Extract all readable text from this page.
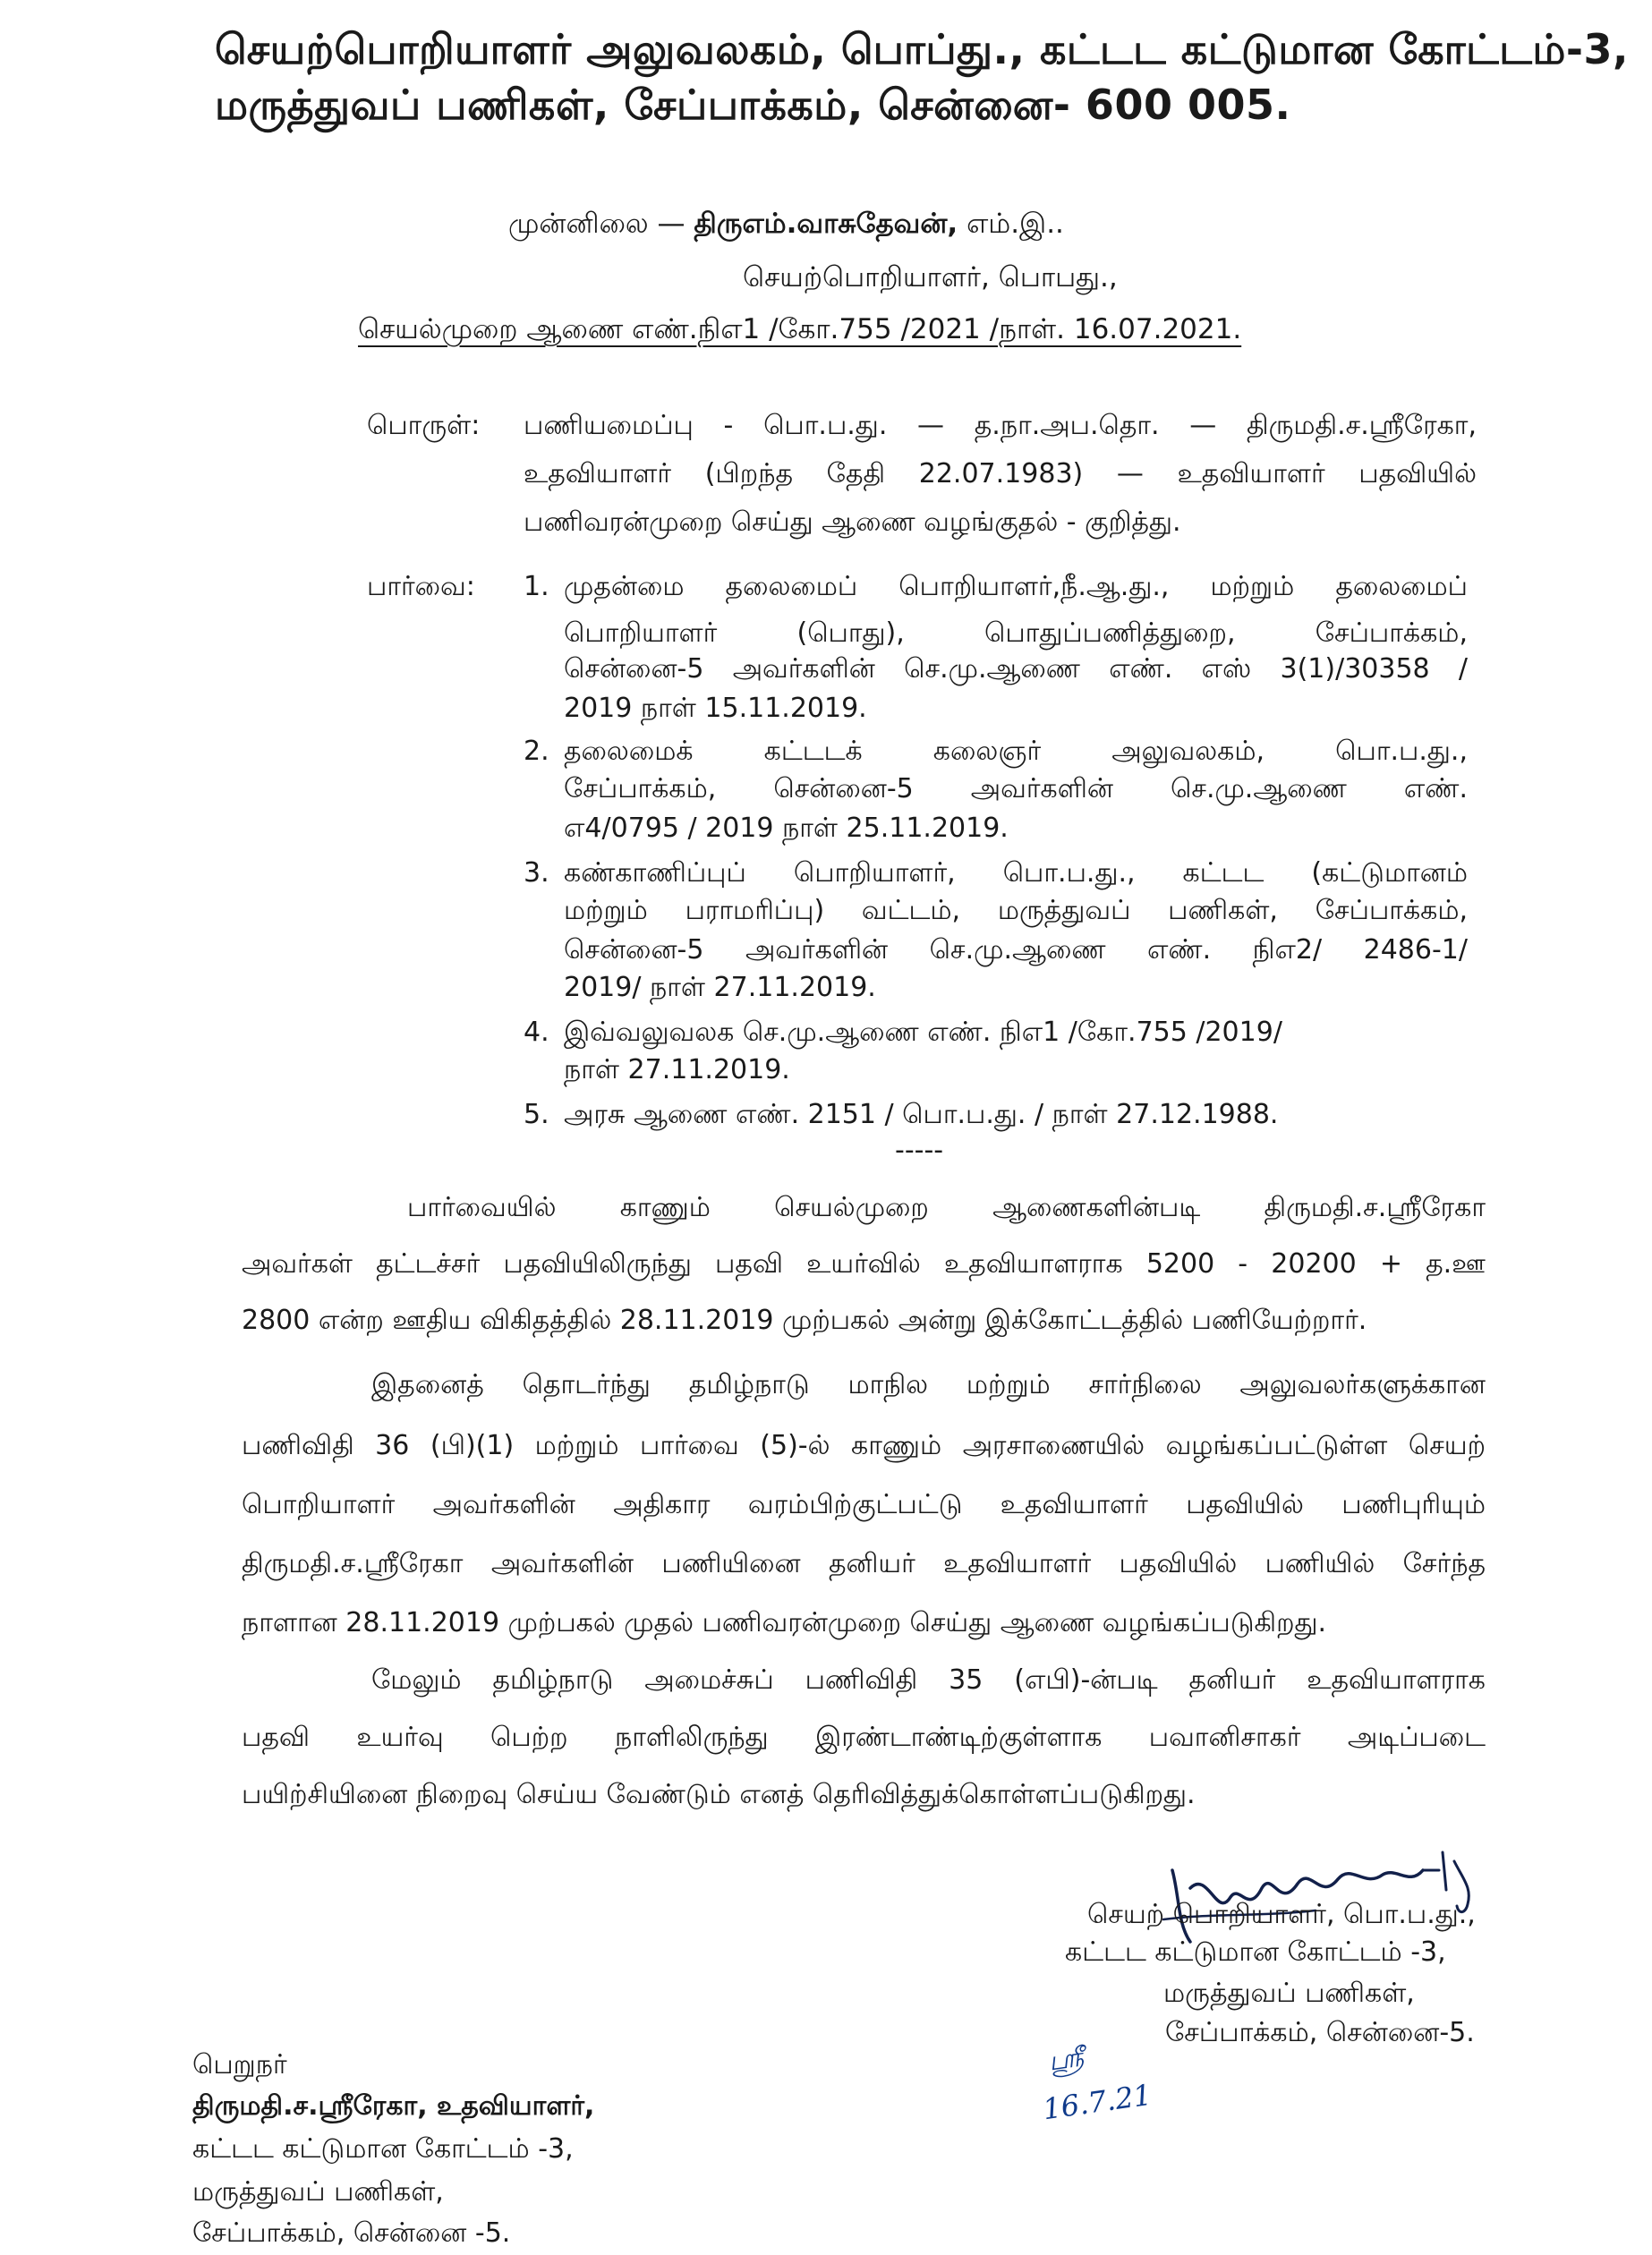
செயற்பொறியாளர் அலுவலகம், பொப்து., கட்டட கட்டுமான கோட்டம்-3,
மருத்துவப் பணிகள், சேப்பாக்கம், சென்னை- 600 005.
முன்னிலை — திருஎம்.வாசுதேவன், எம்.இ..
செயற்பொறியாளர், பொபது.,
செயல்முறை ஆணை எண்.நிஎ1 /கோ.755 /2021 /நாள். 16.07.2021.
பொருள்: பணியமைப்பு - பொ.ப.து. — த.நா.அப.தொ. — திருமதி.ச.ஸ்ரீரேகா,
உதவியாளர் (பிறந்த தேதி 22.07.1983) — உதவியாளர் பதவியில்
பணிவரன்முறை செய்து ஆணை வழங்குதல் - குறித்து.
பார்வை: 1. முதன்மை தலைமைப் பொறியாளர்,நீ.ஆ.து., மற்றும் தலைமைப்
பொறியாளர் (பொது), பொதுப்பணித்துறை, சேப்பாக்கம்,
சென்னை-5 அவர்களின் செ.மு.ஆணை எண். எஸ் 3(1)/30358 /
2019 நாள் 15.11.2019.
2. தலைமைக் கட்டடக் கலைஞர் அலுவலகம், பொ.ப.து.,
சேப்பாக்கம், சென்னை-5 அவர்களின் செ.மு.ஆணை எண்.
எ4/0795 / 2019 நாள் 25.11.2019.
3. கண்காணிப்புப் பொறியாளர், பொ.ப.து., கட்டட (கட்டுமானம்
மற்றும் பராமரிப்பு) வட்டம், மருத்துவப் பணிகள், சேப்பாக்கம்,
சென்னை-5 அவர்களின் செ.மு.ஆணை எண். நிஎ2/ 2486-1/
2019/ நாள் 27.11.2019.
4. இவ்வலுவலக செ.மு.ஆணை எண். நிஎ1 /கோ.755 /2019/
நாள் 27.11.2019.
5. அரசு ஆணை எண். 2151 / பொ.ப.து. / நாள் 27.12.1988.
-----
பார்வையில் காணும் செயல்முறை ஆணைகளின்படி திருமதி.ச.ஸ்ரீரேகா
அவர்கள் தட்டச்சர் பதவியிலிருந்து பதவி உயர்வில் உதவியாளராக 5200 - 20200 + த.ஊ
2800 என்ற ஊதிய விகிதத்தில் 28.11.2019 முற்பகல் அன்று இக்கோட்டத்தில் பணியேற்றார்.
இதனைத் தொடர்ந்து தமிழ்நாடு மாநில மற்றும் சார்நிலை அலுவலர்களுக்கான
பணிவிதி 36 (பி)(1) மற்றும் பார்வை (5)-ல் காணும் அரசாணையில் வழங்கப்பட்டுள்ள செயற்
பொறியாளர் அவர்களின் அதிகார வரம்பிற்குட்பட்டு உதவியாளர் பதவியில் பணிபுரியும்
திருமதி.ச.ஸ்ரீரேகா அவர்களின் பணியினை தனியர் உதவியாளர் பதவியில் பணியில் சேர்ந்த
நாளான 28.11.2019 முற்பகல் முதல் பணிவரன்முறை செய்து ஆணை வழங்கப்படுகிறது.
மேலும் தமிழ்நாடு அமைச்சுப் பணிவிதி 35 (எபி)-ன்படி தனியர் உதவியாளராக
பதவி உயர்வு பெற்ற நாளிலிருந்து இரண்டாண்டிற்குள்ளாக பவானிசாகர் அடிப்படை
பயிற்சியினை நிறைவு செய்ய வேண்டும் எனத் தெரிவித்துக்கொள்ளப்படுகிறது.
செயற் பொறியாளர், பொ.ப.து.,
கட்டட கட்டுமான கோட்டம் -3,
மருத்துவப் பணிகள்,
சேப்பாக்கம், சென்னை-5.
ஸ்ரீ
16.7.21
பெறுநர்
திருமதி.ச.ஸ்ரீரேகா, உதவியாளர்,
கட்டட கட்டுமான கோட்டம் -3,
மருத்துவப் பணிகள்,
சேப்பாக்கம், சென்னை -5.
